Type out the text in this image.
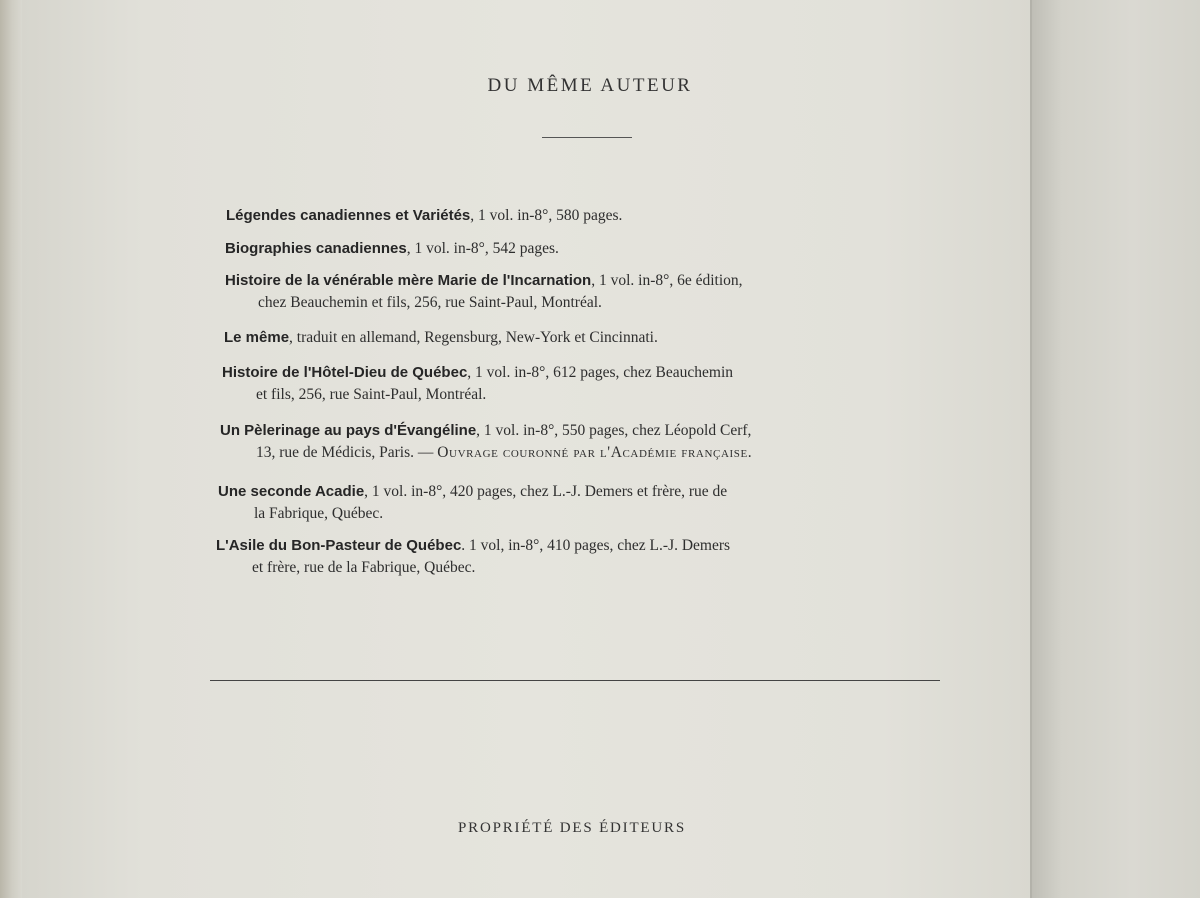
DU MÊME AUTEUR
Légendes canadiennes et Variétés, 1 vol. in-8°, 580 pages.
Biographies canadiennes, 1 vol. in-8°, 542 pages.
Histoire de la vénérable mère Marie de l'Incarnation, 1 vol. in-8°, 6e édition,
chez Beauchemin et fils, 256, rue Saint-Paul, Montréal.
Le même, traduit en allemand, Regensburg, New-York et Cincinnati.
Histoire de l'Hôtel-Dieu de Québec, 1 vol. in-8°, 612 pages, chez Beauchemin
et fils, 256, rue Saint-Paul, Montréal.
Un Pèlerinage au pays d'Évangéline, 1 vol. in-8°, 550 pages, chez Léopold Cerf,
13, rue de Médicis, Paris. — Ouvrage couronné par l'Académie française.
Une seconde Acadie, 1 vol. in-8°, 420 pages, chez L.-J. Demers et frère, rue de
la Fabrique, Québec.
L'Asile du Bon-Pasteur de Québec. 1 vol, in-8°, 410 pages, chez L.-J. Demers
et frère, rue de la Fabrique, Québec.
PROPRIÉTÉ DES ÉDITEURS
